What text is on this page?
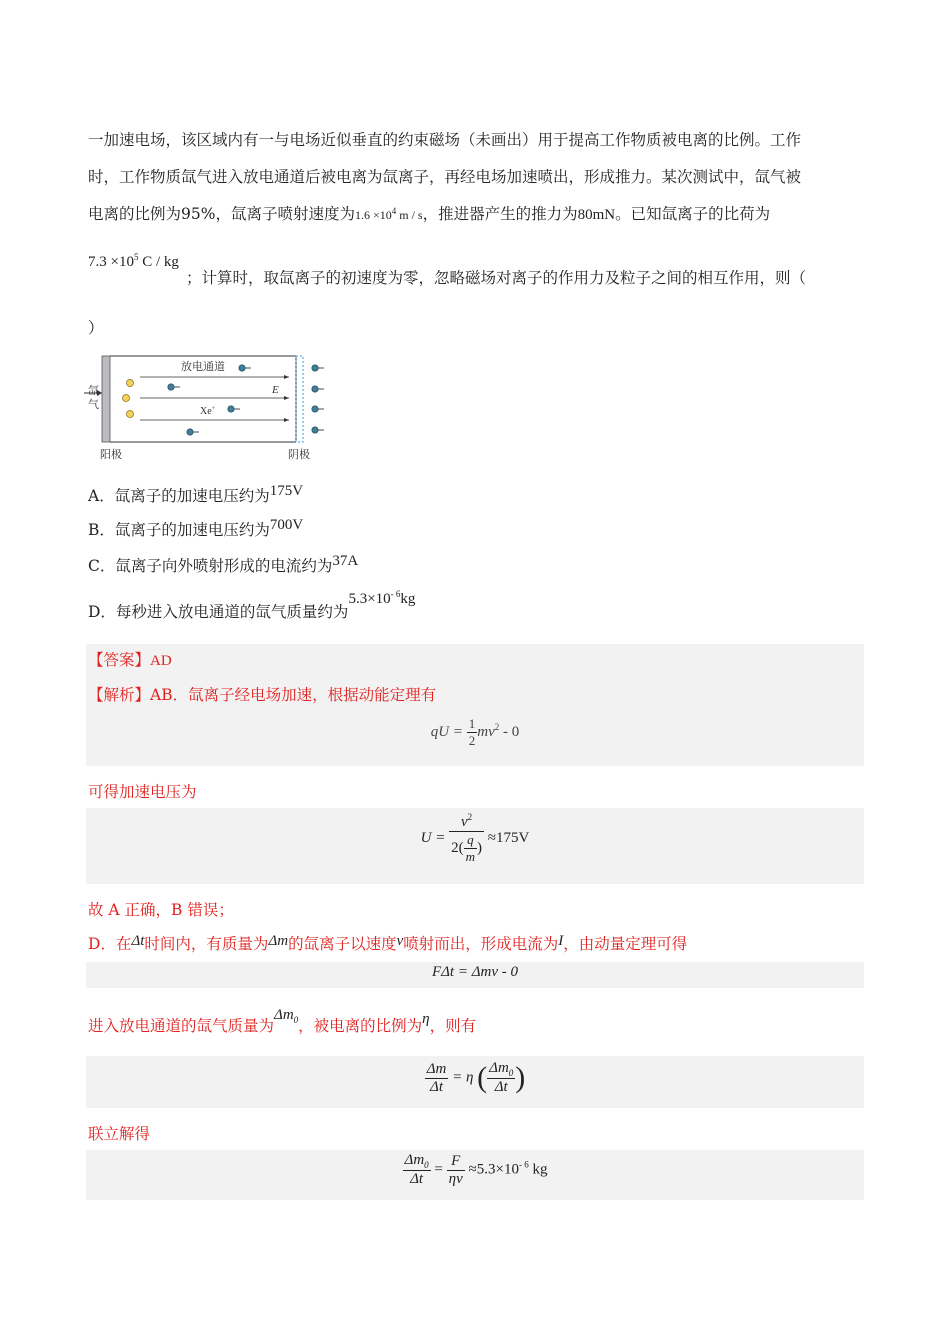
一加速电场，该区域内有一与电场近似垂直的约束磁场（未画出）用于提高工作物质被电离的比例。工作
时，工作物质氙气进入放电通道后被电离为氙离子，再经电场加速喷出，形成推力。某次测试中，氙气被
电离的比例为95%，氙离子喷射速度为$1.6 \times 10^4$ m / s，推进器产生的推力为80mN。已知氙离子的比荷为
$7.3 \times 10^5$ C / kg
；计算时，取氙离子的初速度为零，忽略磁场对离子的作用力及粒子之间的相互作用，则（
）
氙
气
放电通道
E
Xe+
阳极	阴极
A．氙离子的加速电压约为175V
B．氙离子的加速电压约为700V
C．氙离子向外喷射形成的电流约为37A
D．每秒进入放电通道的氙气质量约为$5.3\times 10^{- 6}kg$
【答案】AD
【解析】AB．氙离子经电场加速，根据动能定理有
qU = $\frac{1}{2} mv^2 - 0$
可得加速电压为
$U = \frac{v^2}{2( \frac{q}{m} )} \approx 175V$
故 A 正确，B 错误；
D．在Δt时间内，有质量为Δm的氙离子以速度v喷射而出，形成电流为I，由动量定理可得
FΔt = Δmv - 0
进入放电通道的氙气质量为$\Delta m_0$，被电离的比例为η，则有
$\frac{\Delta m}{\Delta t} = \eta$ ( $\frac{\Delta m_0}{\Delta t}$ )
联立解得
$\frac{\Delta m_0}{\Delta t} = \frac{F}{\eta v} \approx 5.3\times 10^{- 6}$ kg
